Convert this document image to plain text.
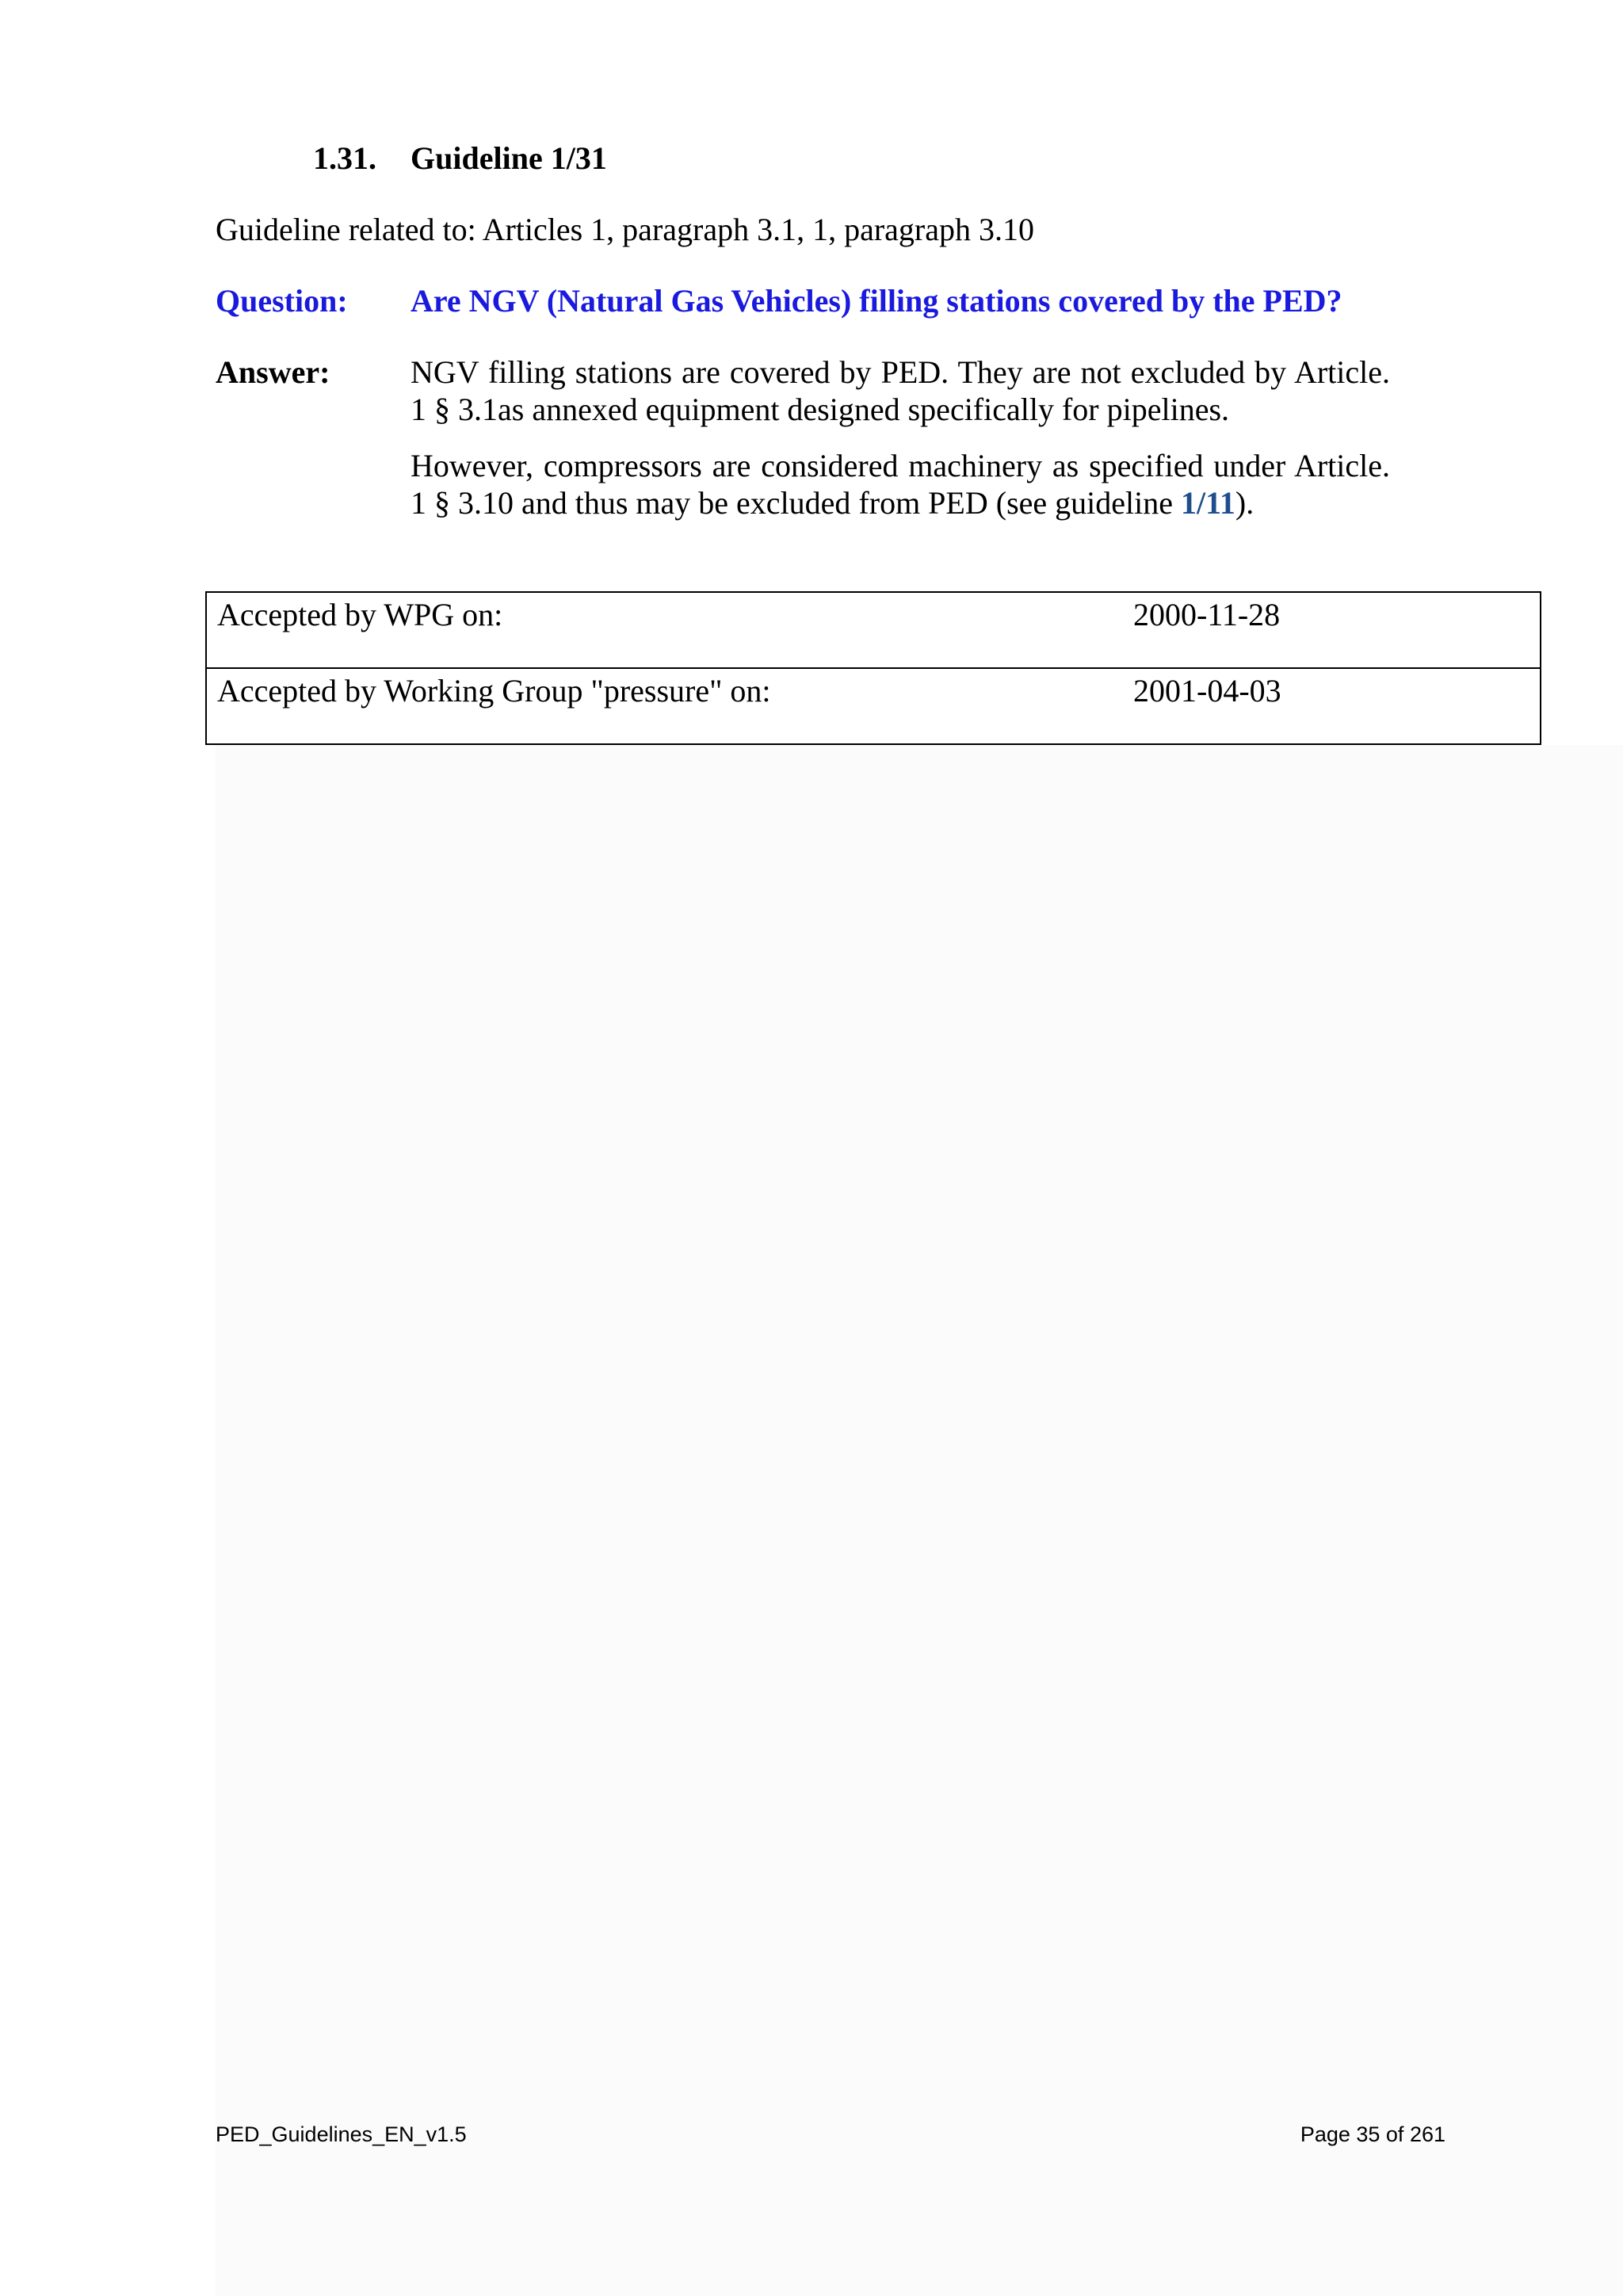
1.31. Guideline 1/31
Guideline related to: Articles 1, paragraph 3.1, 1, paragraph 3.10
Question: Are NGV (Natural Gas Vehicles) filling stations covered by the PED?
Answer:	NGV filling stations are covered by PED. They are not excluded by Article. 1 § 3.1as annexed equipment designed specifically for pipelines.

However, compressors are considered machinery as specified under Article. 1 § 3.10 and thus may be excluded from PED (see guideline 1/11).

Accepted by WPG on:	2000-11-28
Accepted by Working Group "pressure" on:	2001-04-03
PED_Guidelines_EN_v1.5	Page 35 of 261
